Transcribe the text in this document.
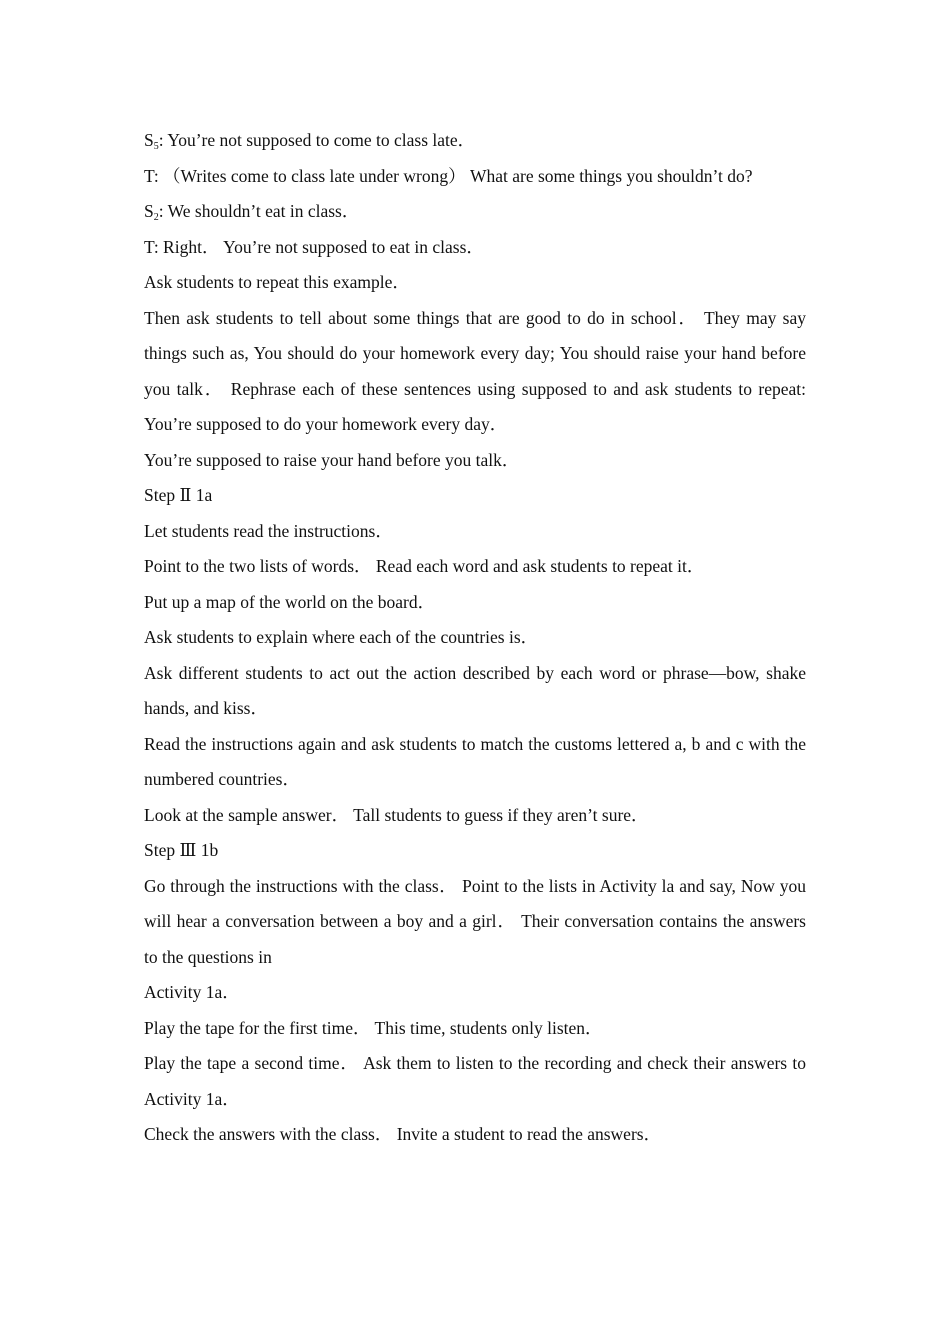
$S_5$: You’re not supposed to come to class late．

T: （Writes come to class late under wrong） What are some things you shouldn’t do?

$S_2$: We shouldn’t eat in class．

T: Right． You’re not supposed to eat in class．

Ask students to repeat this example．

Then ask students to tell about some things that are good to do in school． They may say things such as, You should do your homework every day; You should raise your hand before you talk． Rephrase each of these sentences using supposed to and ask students to repeat: You’re supposed to do your homework every day．

You’re supposed to raise your hand before you talk．

Step Ⅱ 1a

Let students read the instructions．

Point to the two lists of words． Read each word and ask students to repeat it．

Put up a map of the world on the board．

Ask students to explain where each of the countries is．

Ask different students to act out the action described by each word or phrase—bow, shake hands, and kiss．

Read the instructions again and ask students to match the customs lettered a, b and c with the numbered countries．

Look at the sample answer． Tall students to guess if they aren’t sure．

Step Ⅲ 1b

Go through the instructions with the class． Point to the lists in Activity la and say, Now you will hear a conversation between a boy and a girl． Their conversation contains the answers to the questions in

Activity 1a．

Play the tape for the first time． This time, students only listen．

Play the tape a second time． Ask them to listen to the recording and check their answers to Activity 1a．

Check the answers with the class． Invite a student to read the answers．
